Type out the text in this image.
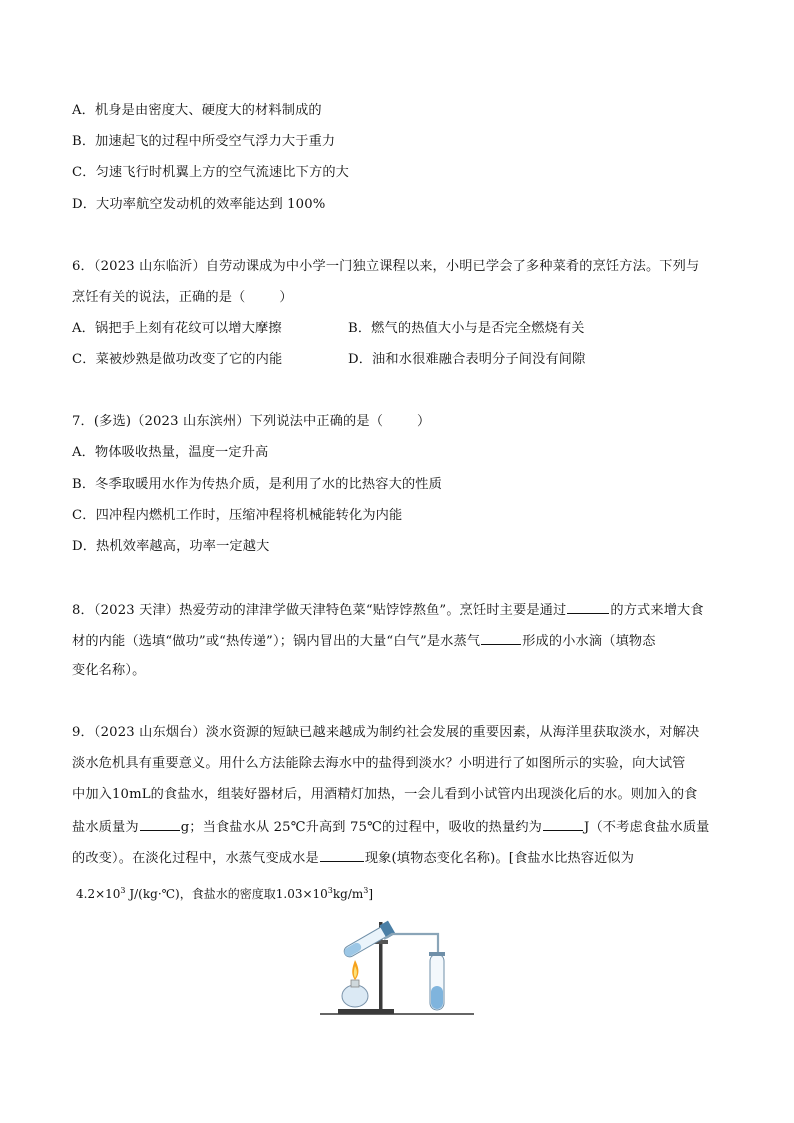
A．机身是由密度大、硬度大的材料制成的
B．加速起飞的过程中所受空气浮力大于重力
C．匀速飞行时机翼上方的空气流速比下方的大
D．大功率航空发动机的效率能达到 100%
6．（2023 山东临沂）自劳动课成为中小学一门独立课程以来，小明已学会了多种菜肴的烹饪方法。下列与
烹饪有关的说法，正确的是（	）
A．锅把手上刻有花纹可以增大摩擦	B．燃气的热值大小与是否完全燃烧有关
C．菜被炒熟是做功改变了它的内能	D．油和水很难融合表明分子间没有间隙
7．(多选)（2023 山东滨州）下列说法中正确的是（	）
A．物体吸收热量，温度一定升高
B．冬季取暖用水作为传热介质，是利用了水的比热容大的性质
C．四冲程内燃机工作时，压缩冲程将机械能转化为内能
D．热机效率越高，功率一定越大
8．（2023 天津）热爱劳动的津津学做天津特色菜“贴饽饽熬鱼”。烹饪时主要是通过	的方式来增大食
材的内能（选填“做功”或“热传递”）；锅内冒出的大量“白气”是水蒸气	形成的小水滴（填物态
变化名称）。
9．（2023 山东烟台）淡水资源的短缺已越来越成为制约社会发展的重要因素，从海洋里获取淡水，对解决
淡水危机具有重要意义。用什么方法能除去海水中的盐得到淡水？小明进行了如图所示的实验，向大试管
中加入10mL的食盐水，组装好器材后，用酒精灯加热，一会儿看到小试管内出现淡化后的水。则加入的食
盐水质量为	g；当食盐水从 25℃升高到 75℃的过程中，吸收的热量约为	J（不考虑食盐水质量
的改变）。在淡化过程中，水蒸气变成水是	现象(填物态变化名称)。[食盐水比热容近似为
$4.2\times 10^3$ J/(kg·℃)，食盐水的密度取$1.03\times 10^3kg/m^3$]
